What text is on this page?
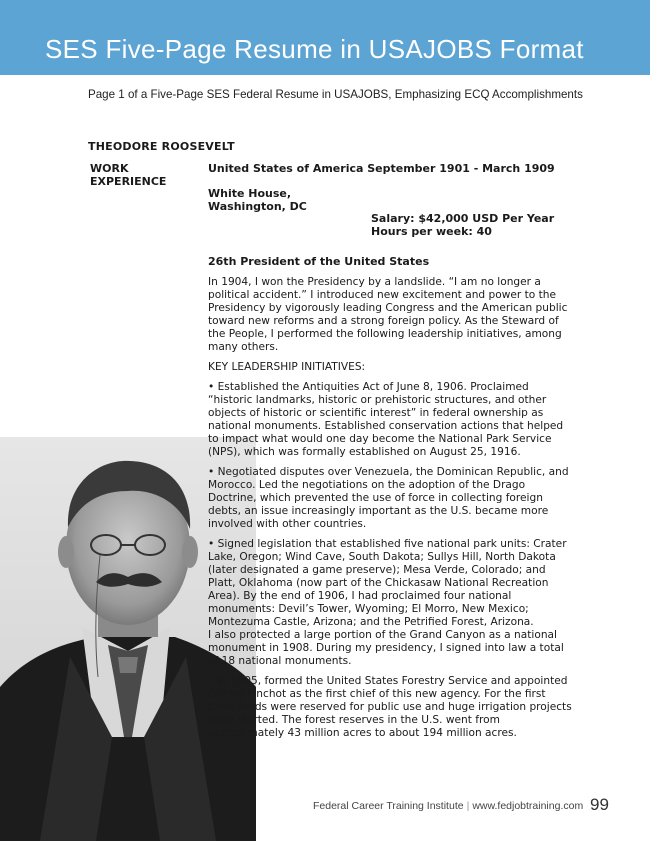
SES Five-Page Resume in USAJOBS Format
Page 1 of a Five-Page SES Federal Resume in USAJOBS, Emphasizing ECQ Accomplishments
THEODORE ROOSEVELT
WORK EXPERIENCE
United States of America September 1901 - March 1909
White House,
Washington, DC
Salary: $42,000 USD Per Year
Hours per week: 40
26th President of the United States

In 1904, I won the Presidency by a landslide. “I am no longer a political accident.” I introduced new excitement and power to the Presidency by vigorously leading Congress and the American public toward new reforms and a strong foreign policy. As the Steward of the People, I performed the following leadership initiatives, among many others.

KEY LEADERSHIP INITIATIVES:

• Established the Antiquities Act of June 8, 1906. Proclaimed “historic landmarks, historic or prehistoric structures, and other objects of historic or scientific interest” in federal ownership as national monuments. Established conservation actions that helped to impact what would one day become the National Park Service (NPS), which was formally established on August 25, 1916.

• Negotiated disputes over Venezuela, the Dominican Republic, and Morocco. Led the negotiations on the adoption of the Drago Doctrine, which prevented the use of force in collecting foreign debts, an issue increasingly important as the U.S. became more involved with other countries.

• Signed legislation that established five national park units: Crater Lake, Oregon; Wind Cave, South Dakota; Sullys Hill, North Dakota (later designated a game preserve); Mesa Verde, Colorado; and Platt, Oklahoma (now part of the Chickasaw National Recreation Area). By the end of 1906, I had proclaimed four national monuments: Devil’s Tower, Wyoming; El Morro, New Mexico; Montezuma Castle, Arizona; and the Petrified Forest, Arizona.

I also protected a large portion of the Grand Canyon as a national monument in 1908. During my presidency, I signed into law a total of 18 national monuments.

• In 1905, formed the United States Forestry Service and appointed Gifford Pinchot as the first chief of this new agency. For the first time, lands were reserved for public use and huge irrigation projects were started. The forest reserves in the U.S. went from approximately 43 million acres to about 194 million acres.

Federal Career Training Institute | www.fedjobtraining.com 99
